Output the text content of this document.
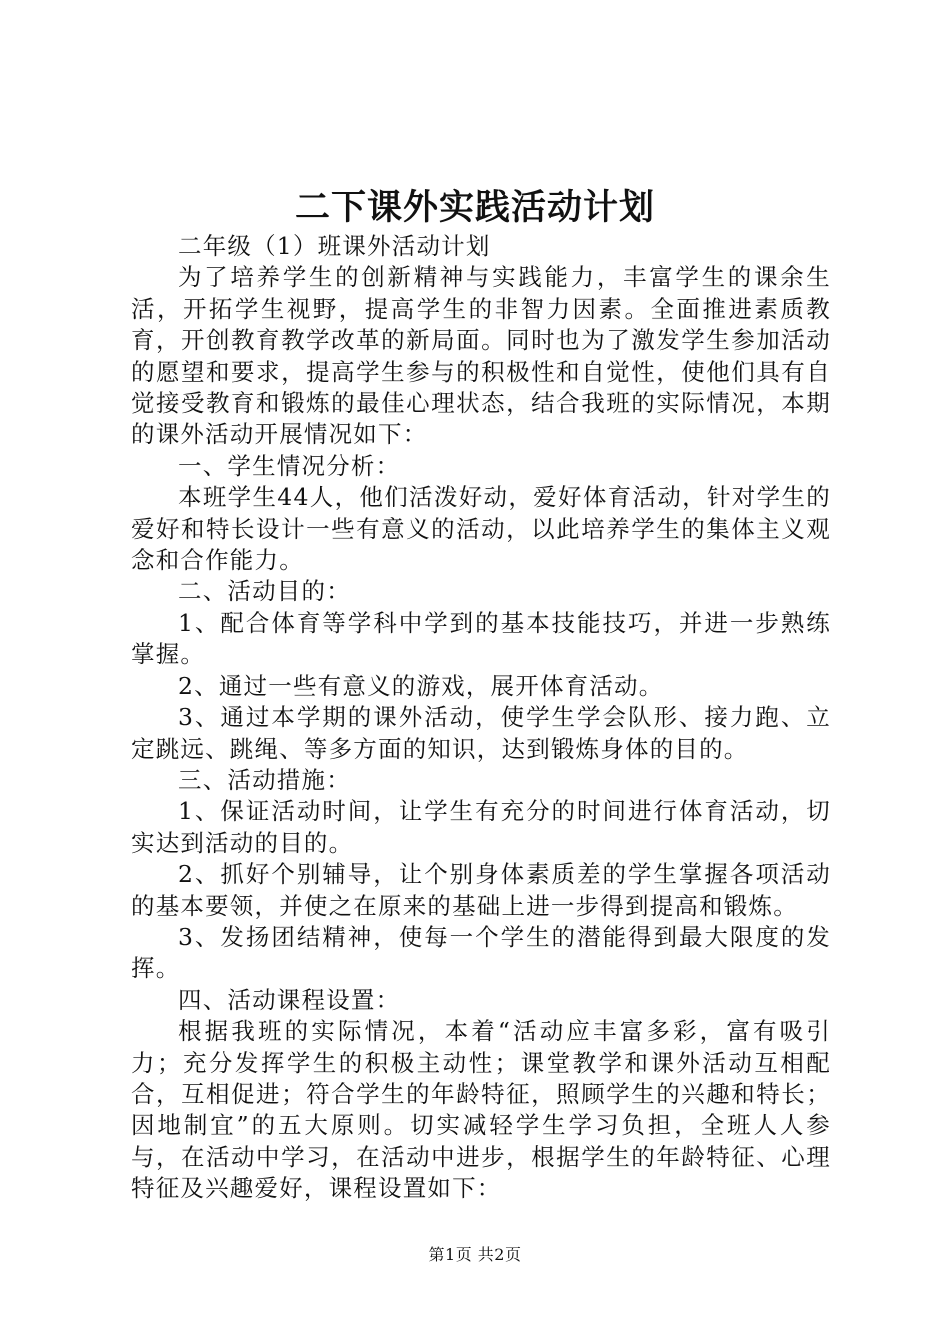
二下课外实践活动计划

二年级（1）班课外活动计划

为了培养学生的创新精神与实践能力，丰富学生的课余生活，开拓学生视野，提高学生的非智力因素。全面推进素质教育，开创教育教学改革的新局面。同时也为了激发学生参加活动的愿望和要求，提高学生参与的积极性和自觉性，使他们具有自觉接受教育和锻炼的最佳心理状态，结合我班的实际情况，本期的课外活动开展情况如下：

一、学生情况分析：

本班学生44人，他们活泼好动，爱好体育活动，针对学生的爱好和特长设计一些有意义的活动，以此培养学生的集体主义观念和合作能力。

二、活动目的：

1、配合体育等学科中学到的基本技能技巧，并进一步熟练掌握。

2、通过一些有意义的游戏，展开体育活动。

3、通过本学期的课外活动，使学生学会队形、接力跑、立定跳远、跳绳、等多方面的知识，达到锻炼身体的目的。

三、活动措施：

1、保证活动时间，让学生有充分的时间进行体育活动，切实达到活动的目的。

2、抓好个别辅导，让个别身体素质差的学生掌握各项活动的基本要领，并使之在原来的基础上进一步得到提高和锻炼。

3、发扬团结精神，使每一个学生的潜能得到最大限度的发挥。

四、活动课程设置：

根据我班的实际情况，本着“活动应丰富多彩，富有吸引力；充分发挥学生的积极主动性；课堂教学和课外活动互相配合，互相促进；符合学生的年龄特征，照顾学生的兴趣和特长；因地制宜”的五大原则。切实减轻学生学习负担，全班人人参与，在活动中学习，在活动中进步，根据学生的年龄特征、心理特征及兴趣爱好，课程设置如下：

第1页 共2页
